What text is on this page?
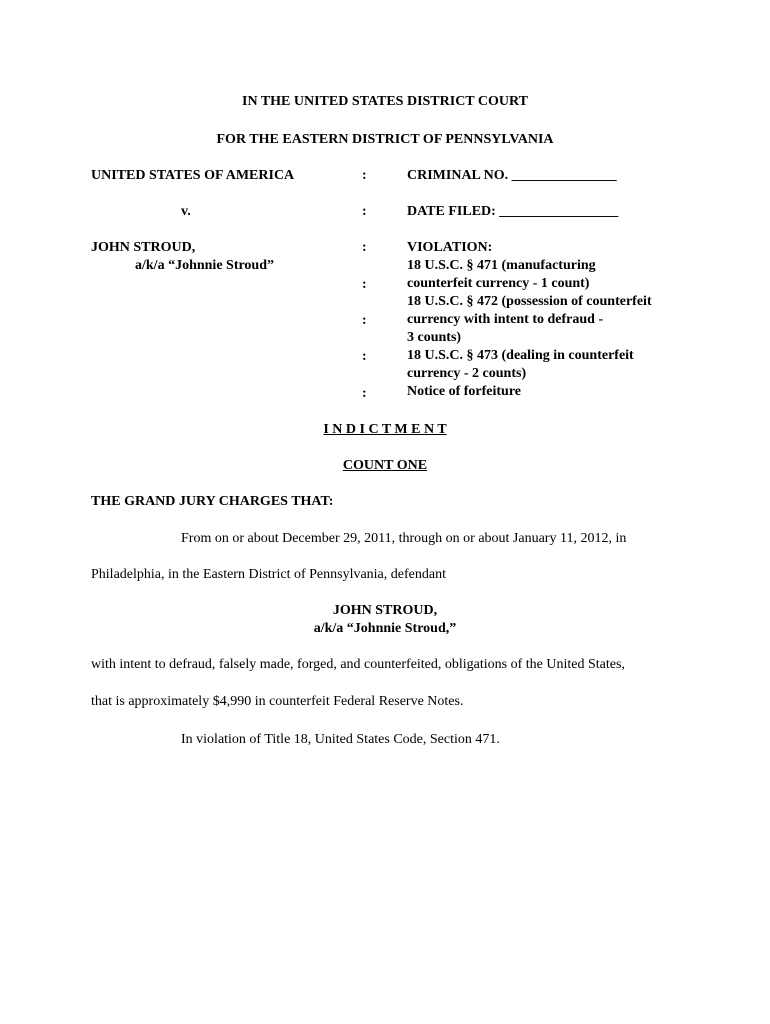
IN THE UNITED STATES DISTRICT COURT
FOR THE EASTERN DISTRICT OF PENNSYLVANIA
UNITED STATES OF AMERICA
v.
JOHN STROUD,
a/k/a “Johnnie Stroud”
:
:
:
:
:
:
:
CRIMINAL NO. _______________
DATE FILED: _________________
VIOLATION:
18 U.S.C. § 471 (manufacturing
counterfeit currency - 1 count)
18 U.S.C. § 472 (possession of counterfeit
currency with intent to defraud -
3 counts)
18 U.S.C. § 473 (dealing in counterfeit
currency - 2 counts)
Notice of forfeiture
I N D I C T M E N T
COUNT ONE
THE GRAND JURY CHARGES THAT:
From on or about December 29, 2011, through on or about January 11, 2012, in
Philadelphia, in the Eastern District of Pennsylvania, defendant
JOHN STROUD,
a/k/a “Johnnie Stroud,”
with intent to defraud, falsely made, forged, and counterfeited, obligations of the United States,
that is approximately $4,990 in counterfeit Federal Reserve Notes.
In violation of Title 18, United States Code, Section 471.
